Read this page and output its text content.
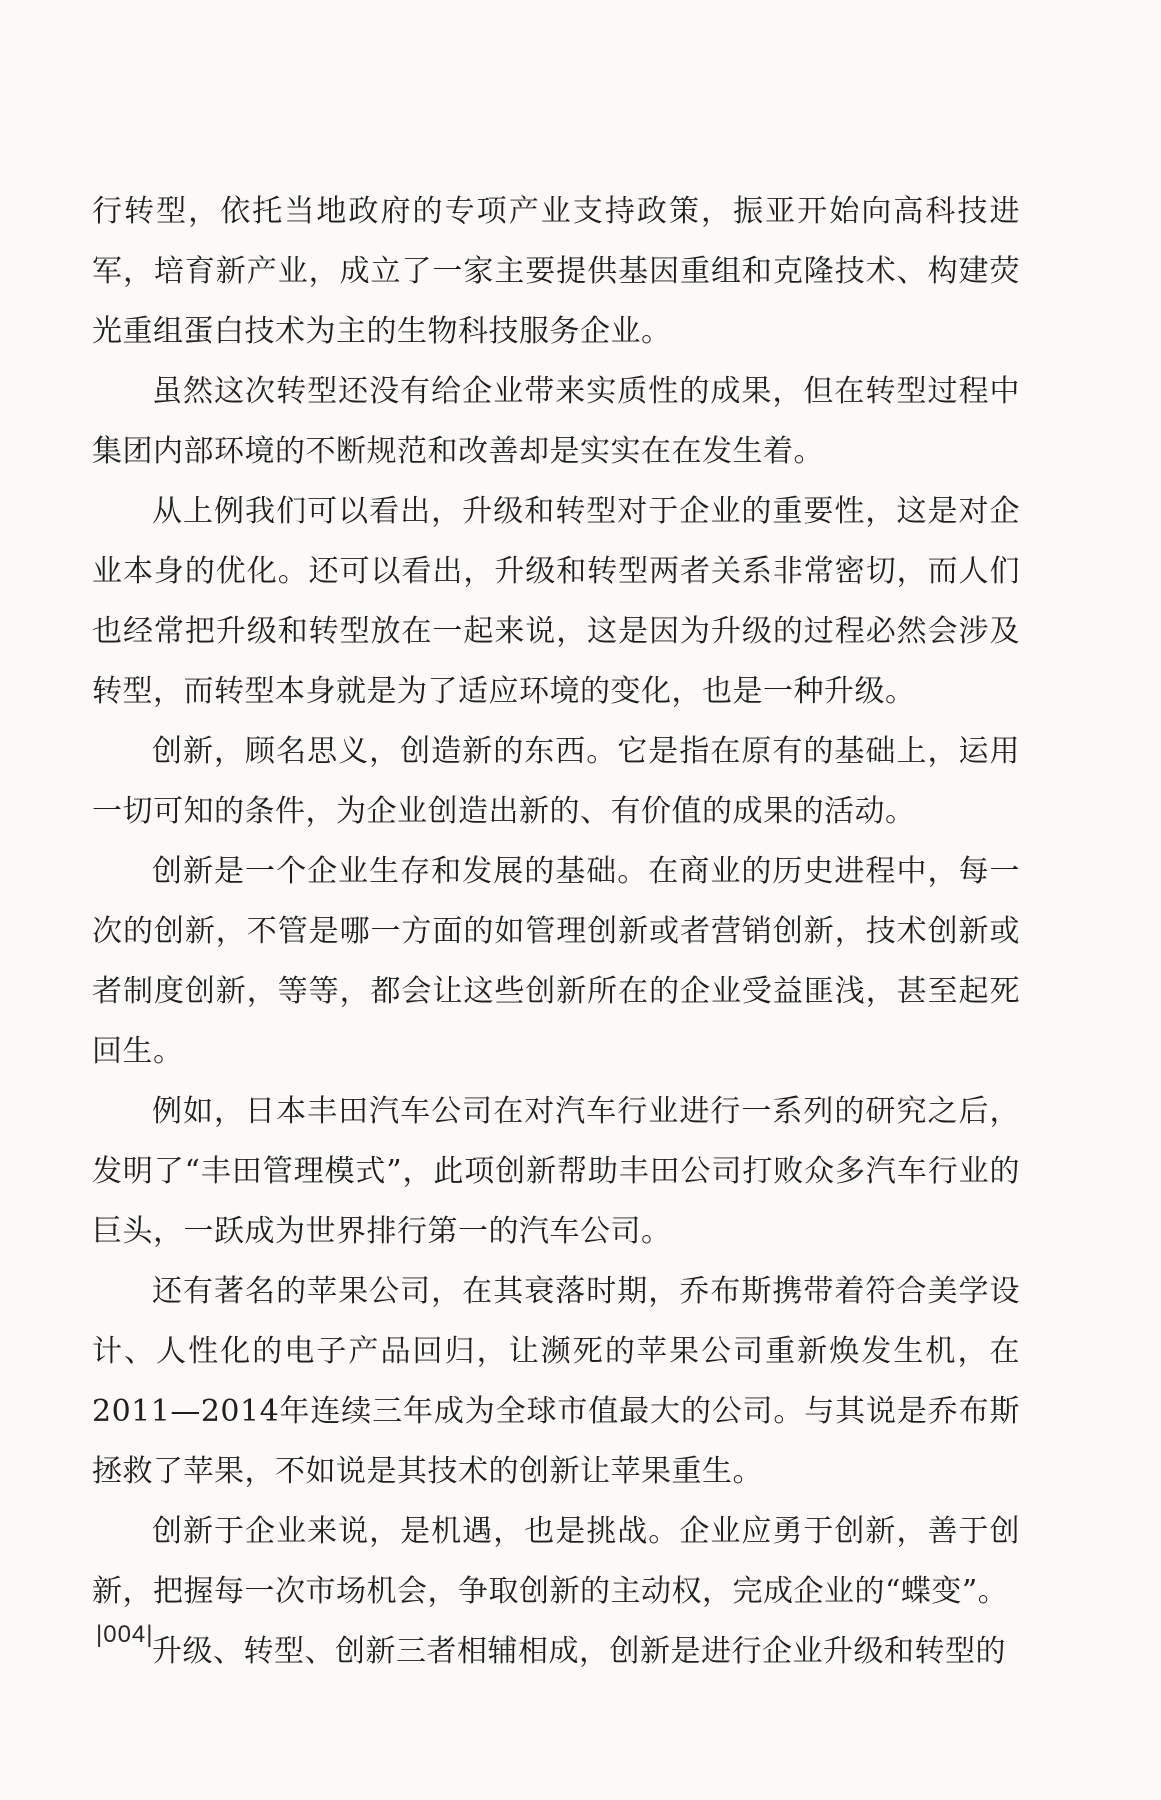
行转型，依托当地政府的专项产业支持政策，振亚开始向高科技进军，培育新产业，成立了一家主要提供基因重组和克隆技术、构建荧光重组蛋白技术为主的生物科技服务企业。

虽然这次转型还没有给企业带来实质性的成果，但在转型过程中集团内部环境的不断规范和改善却是实实在在发生着。

从上例我们可以看出，升级和转型对于企业的重要性，这是对企业本身的优化。还可以看出，升级和转型两者关系非常密切，而人们也经常把升级和转型放在一起来说，这是因为升级的过程必然会涉及转型，而转型本身就是为了适应环境的变化，也是一种升级。

创新，顾名思义，创造新的东西。它是指在原有的基础上，运用一切可知的条件，为企业创造出新的、有价值的成果的活动。

创新是一个企业生存和发展的基础。在商业的历史进程中，每一次的创新，不管是哪一方面的如管理创新或者营销创新，技术创新或者制度创新，等等，都会让这些创新所在的企业受益匪浅，甚至起死回生。

例如，日本丰田汽车公司在对汽车行业进行一系列的研究之后，发明了“丰田管理模式”，此项创新帮助丰田公司打败众多汽车行业的巨头，一跃成为世界排行第一的汽车公司。

还有著名的苹果公司，在其衰落时期，乔布斯携带着符合美学设计、人性化的电子产品回归，让濒死的苹果公司重新焕发生机，在2011—2014年连续三年成为全球市值最大的公司。与其说是乔布斯拯救了苹果，不如说是其技术的创新让苹果重生。

创新于企业来说，是机遇，也是挑战。企业应勇于创新，善于创新，把握每一次市场机会，争取创新的主动权，完成企业的“蝶变”。

升级、转型、创新三者相辅相成，创新是进行企业升级和转型的

|004|
